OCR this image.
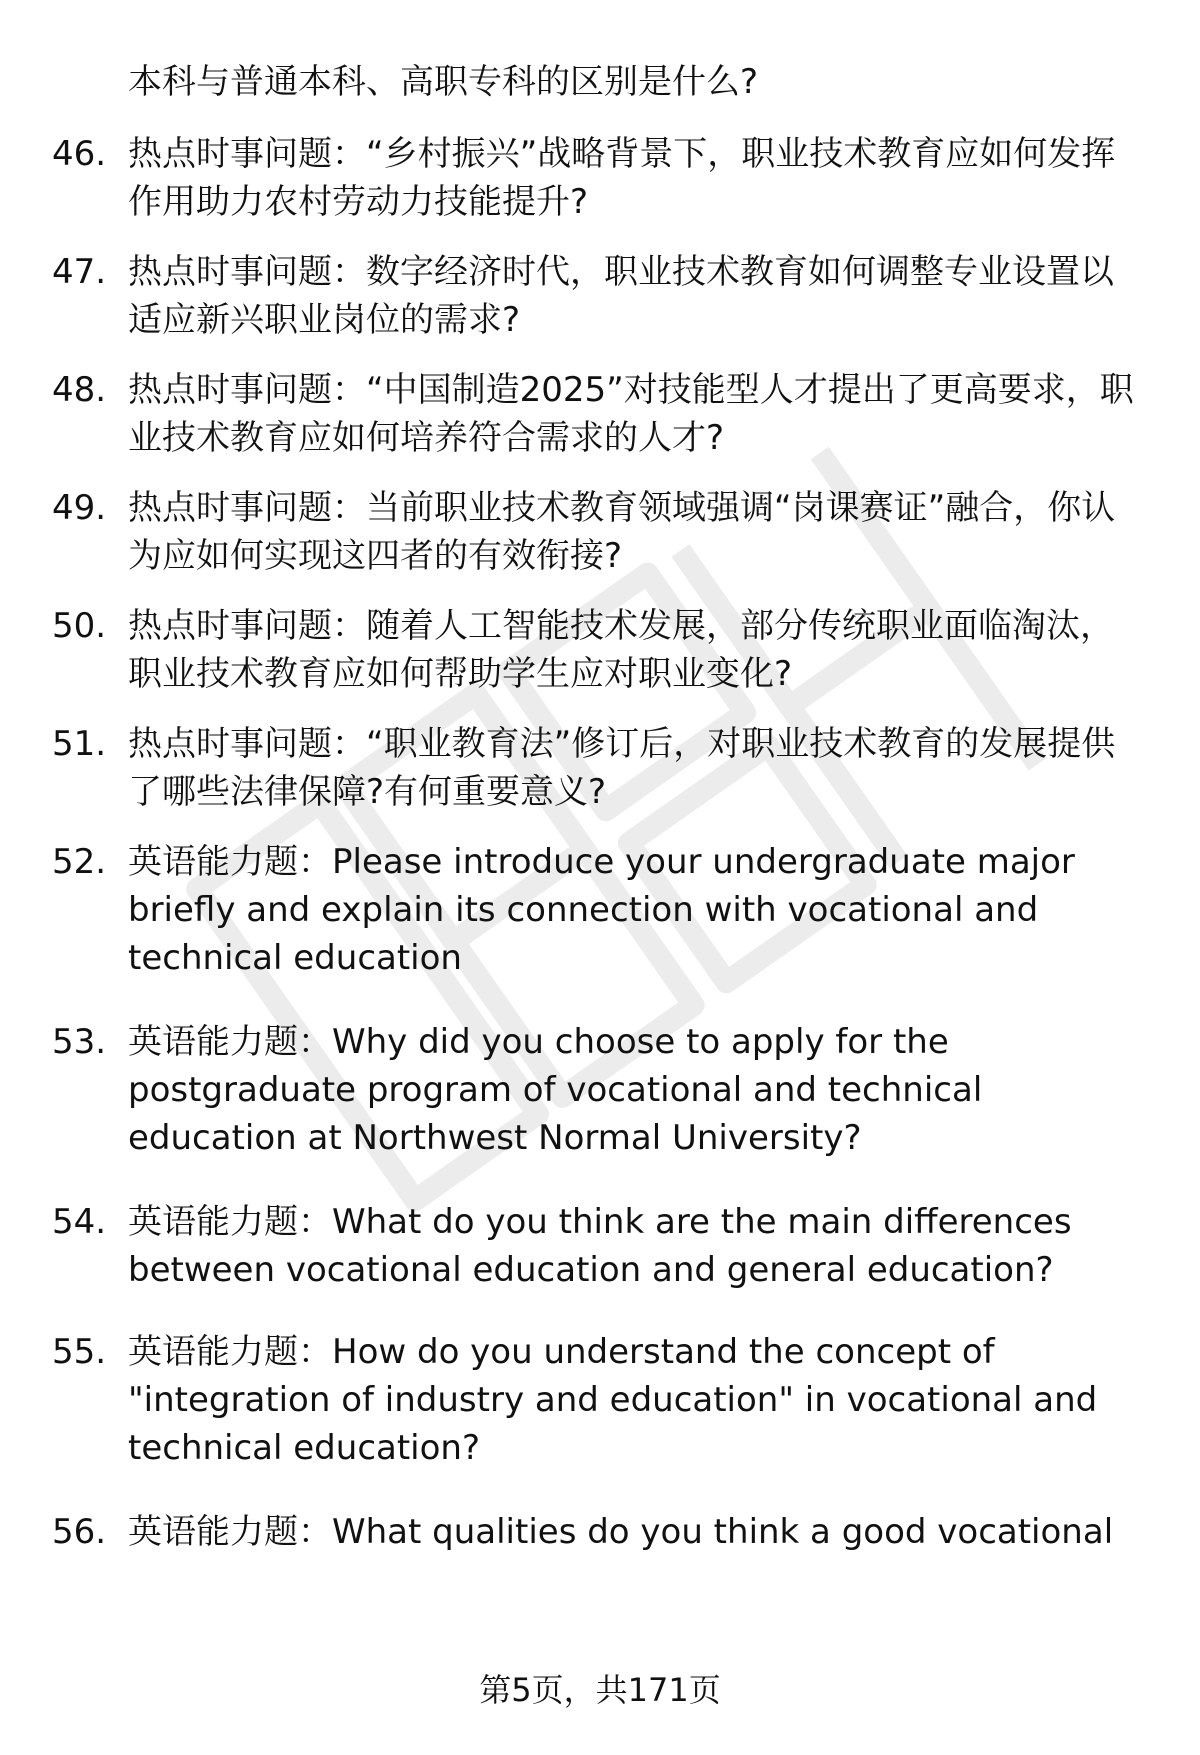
本科与普通本科、高职专科的区别是什么?

46. 热点时事问题：“乡村振兴”战略背景下，职业技术教育应如何发挥作用助力农村劳动力技能提升?

47. 热点时事问题：数字经济时代，职业技术教育如何调整专业设置以适应新兴职业岗位的需求?

48. 热点时事问题：“中国制造2025”对技能型人才提出了更高要求，职业技术教育应如何培养符合需求的人才?

49. 热点时事问题：当前职业技术教育领域强调“岗课赛证”融合，你认为应如何实现这四者的有效衔接?

50. 热点时事问题：随着人工智能技术发展，部分传统职业面临淘汰，职业技术教育应如何帮助学生应对职业变化?

51. 热点时事问题：“职业教育法”修订后，对职业技术教育的发展提供了哪些法律保障?有何重要意义?

52. 英语能力题：Please introduce your undergraduate major briefly and explain its connection with vocational and technical education

53. 英语能力题：Why did you choose to apply for the postgraduate program of vocational and technical education at Northwest Normal University?

54. 英语能力题：What do you think are the main differences between vocational education and general education?

55. 英语能力题：How do you understand the concept of "integration of industry and education" in vocational and technical education?

56. 英语能力题：What qualities do you think a good vocational

第5页，共171页
